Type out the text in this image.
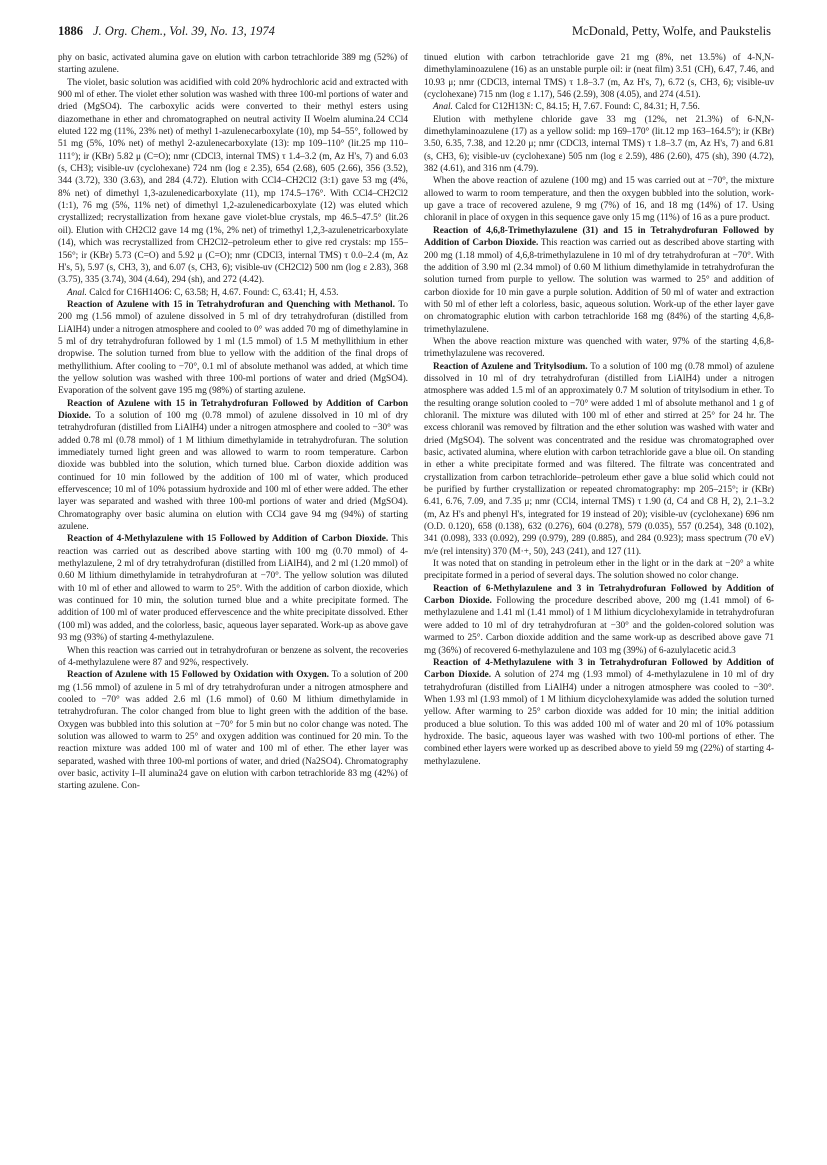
1886 J. Org. Chem., Vol. 39, No. 13, 1974	McDonald, Petty, Wolfe, and Paukstelis

phy on basic, activated alumina gave on elution with carbon tetrachloride 389 mg (52%) of starting azulene.

The violet, basic solution was acidified with cold 20% hydrochloric acid and extracted with 900 ml of ether. The violet ether solution was washed with three 100-ml portions of water and dried (MgSO4). The carboxylic acids were converted to their methyl esters using diazomethane in ether and chromatographed on neutral activity II Woelm alumina.24 CCl4 eluted 122 mg (11%, 23% net) of methyl 1-azulenecarboxylate (10), mp 54–55°, followed by 51 mg (5%, 10% net) of methyl 2-azulenecarboxylate (13): mp 109–110° (lit.25 mp 110–111°); ir (KBr) 5.82 μ (C=O); nmr (CDCl3, internal TMS) τ 1.4–3.2 (m, Az H's, 7) and 6.03 (s, CH3); visible-uv (cyclohexane) 724 nm (log ε 2.35), 654 (2.68), 605 (2.66), 356 (3.52), 344 (3.72), 330 (3.63), and 284 (4.72). Elution with CCl4–CH2Cl2 (3:1) gave 53 mg (4%, 8% net) of dimethyl 1,3-azulenedicarboxylate (11), mp 174.5–176°. With CCl4–CH2Cl2 (1:1), 76 mg (5%, 11% net) of dimethyl 1,2-azulenedicarboxylate (12) was eluted which crystallized; recrystallization from hexane gave violet-blue crystals, mp 46.5–47.5° (lit.26 oil). Elution with CH2Cl2 gave 14 mg (1%, 2% net) of trimethyl 1,2,3-azulenetricarboxylate (14), which was recrystallized from CH2Cl2–petroleum ether to give red crystals: mp 155–156°; ir (KBr) 5.73 (C=O) and 5.92 μ (C=O); nmr (CDCl3, internal TMS) τ 0.0–2.4 (m, Az H's, 5), 5.97 (s, CH3, 3), and 6.07 (s, CH3, 6); visible-uv (CH2Cl2) 500 nm (log ε 2.83), 368 (3.75), 335 (3.74), 304 (4.64), 294 (sh), and 272 (4.42).

Anal. Calcd for C16H14O6: C, 63.58; H, 4.67. Found: C, 63.41; H, 4.53.

Reaction of Azulene with 15 in Tetrahydrofuran and Quenching with Methanol. To 200 mg (1.56 mmol) of azulene dissolved in 5 ml of dry tetrahydrofuran (distilled from LiAlH4) under a nitrogen atmosphere and cooled to 0° was added 70 mg of dimethylamine in 5 ml of dry tetrahydrofuran followed by 1 ml (1.5 mmol) of 1.5 M methyllithium in ether dropwise. The solution turned from blue to yellow with the addition of the final drops of methyllithium. After cooling to −70°, 0.1 ml of absolute methanol was added, at which time the yellow solution was washed with three 100-ml portions of water and dried (MgSO4). Evaporation of the solvent gave 195 mg (98%) of starting azulene.

Reaction of Azulene with 15 in Tetrahydrofuran Followed by Addition of Carbon Dioxide. To a solution of 100 mg (0.78 mmol) of azulene dissolved in 10 ml of dry tetrahydrofuran (distilled from LiAlH4) under a nitrogen atmosphere and cooled to −30° was added 0.78 ml (0.78 mmol) of 1 M lithium dimethylamide in tetrahydrofuran. The solution immediately turned light green and was allowed to warm to room temperature. Carbon dioxide was bubbled into the solution, which turned blue. Carbon dioxide addition was continued for 10 min followed by the addition of 100 ml of water, which produced effervescence; 10 ml of 10% potassium hydroxide and 100 ml of ether were added. The ether layer was separated and washed with three 100-ml portions of water and dried (MgSO4). Chromatography over basic alumina on elution with CCl4 gave 94 mg (94%) of starting azulene.

Reaction of 4-Methylazulene with 15 Followed by Addition of Carbon Dioxide. This reaction was carried out as described above starting with 100 mg (0.70 mmol) of 4-methylazulene, 2 ml of dry tetrahydrofuran (distilled from LiAlH4), and 2 ml (1.20 mmol) of 0.60 M lithium dimethylamide in tetrahydrofuran at −70°. The yellow solution was diluted with 10 ml of ether and allowed to warm to 25°. With the addition of carbon dioxide, which was continued for 10 min, the solution turned blue and a white precipitate formed. The addition of 100 ml of water produced effervescence and the white precipitate dissolved. Ether (100 ml) was added, and the colorless, basic, aqueous layer separated. Work-up as above gave 93 mg (93%) of starting 4-methylazulene.

When this reaction was carried out in tetrahydrofuran or benzene as solvent, the recoveries of 4-methylazulene were 87 and 92%, respectively.

Reaction of Azulene with 15 Followed by Oxidation with Oxygen. To a solution of 200 mg (1.56 mmol) of azulene in 5 ml of dry tetrahydrofuran under a nitrogen atmosphere and cooled to −70° was added 2.6 ml (1.6 mmol) of 0.60 M lithium dimethylamide in tetrahydrofuran. The color changed from blue to light green with the addition of the base. Oxygen was bubbled into this solution at −70° for 5 min but no color change was noted. The solution was allowed to warm to 25° and oxygen addition was continued for 20 min. To the reaction mixture was added 100 ml of water and 100 ml of ether. The ether layer was separated, washed with three 100-ml portions of water, and dried (Na2SO4). Chromatography over basic, activity I–II alumina24 gave on elution with carbon tetrachloride 83 mg (42%) of starting azulene. Con-

tinued elution with carbon tetrachloride gave 21 mg (8%, net 13.5%) of 4-N,N-dimethylaminoazulene (16) as an unstable purple oil: ir (neat film) 3.51 (CH), 6.47, 7.46, and 10.93 μ; nmr (CDCl3, internal TMS) τ 1.8–3.7 (m, Az H's, 7), 6.72 (s, CH3, 6); visible-uv (cyclohexane) 715 nm (log ε 1.17), 546 (2.59), 308 (4.05), and 274 (4.51).

Anal. Calcd for C12H13N: C, 84.15; H, 7.67. Found: C, 84.31; H, 7.56.

Elution with methylene chloride gave 33 mg (12%, net 21.3%) of 6-N,N-dimethylaminoazulene (17) as a yellow solid: mp 169–170° (lit.12 mp 163–164.5°); ir (KBr) 3.50, 6.35, 7.38, and 12.20 μ; nmr (CDCl3, internal TMS) τ 1.8–3.7 (m, Az H's, 7) and 6.81 (s, CH3, 6); visible-uv (cyclohexane) 505 nm (log ε 2.59), 486 (2.60), 475 (sh), 390 (4.72), 382 (4.61), and 316 nm (4.79).

When the above reaction of azulene (100 mg) and 15 was carried out at −70°, the mixture allowed to warm to room temperature, and then the oxygen bubbled into the solution, work-up gave a trace of recovered azulene, 9 mg (7%) of 16, and 18 mg (14%) of 17. Using chloranil in place of oxygen in this sequence gave only 15 mg (11%) of 16 as a pure product.

Reaction of 4,6,8-Trimethylazulene (31) and 15 in Tetrahydrofuran Followed by Addition of Carbon Dioxide. This reaction was carried out as described above starting with 200 mg (1.18 mmol) of 4,6,8-trimethylazulene in 10 ml of dry tetrahydrofuran at −70°. With the addition of 3.90 ml (2.34 mmol) of 0.60 M lithium dimethylamide in tetrahydrofuran the solution turned from purple to yellow. The solution was warmed to 25° and addition of carbon dioxide for 10 min gave a purple solution. Addition of 50 ml of water and extraction with 50 ml of ether left a colorless, basic, aqueous solution. Work-up of the ether layer gave on chromatographic elution with carbon tetrachloride 168 mg (84%) of the starting 4,6,8-trimethylazulene.

When the above reaction mixture was quenched with water, 97% of the starting 4,6,8-trimethylazulene was recovered.

Reaction of Azulene and Tritylsodium. To a solution of 100 mg (0.78 mmol) of azulene dissolved in 10 ml of dry tetrahydrofuran (distilled from LiAlH4) under a nitrogen atmosphere was added 1.5 ml of an approximately 0.7 M solution of tritylsodium in ether. To the resulting orange solution cooled to −70° were added 1 ml of absolute methanol and 1 g of chloranil. The mixture was diluted with 100 ml of ether and stirred at 25° for 24 hr. The excess chloranil was removed by filtration and the ether solution was washed with water and dried (MgSO4). The solvent was concentrated and the residue was chromatographed over basic, activated alumina, where elution with carbon tetrachloride gave a blue oil. On standing in ether a white precipitate formed and was filtered. The filtrate was concentrated and crystallization from carbon tetrachloride–petroleum ether gave a blue solid which could not be purified by further crystallization or repeated chromatography: mp 205–215°; ir (KBr) 6.41, 6.76, 7.09, and 7.35 μ; nmr (CCl4, internal TMS) τ 1.90 (d, C4 and C8 H, 2), 2.1–3.2 (m, Az H's and phenyl H's, integrated for 19 instead of 20); visible-uv (cyclohexane) 696 nm (O.D. 0.120), 658 (0.138), 632 (0.276), 604 (0.278), 579 (0.035), 557 (0.254), 348 (0.102), 341 (0.098), 333 (0.092), 299 (0.979), 289 (0.885), and 284 (0.923); mass spectrum (70 eV) m/e (rel intensity) 370 (M·+, 50), 243 (241), and 127 (11).

It was noted that on standing in petroleum ether in the light or in the dark at −20° a white precipitate formed in a period of several days. The solution showed no color change.

Reaction of 6-Methylazulene and 3 in Tetrahydrofuran Followed by Addition of Carbon Dioxide. Following the procedure described above, 200 mg (1.41 mmol) of 6-methylazulene and 1.41 ml (1.41 mmol) of 1 M lithium dicyclohexylamide in tetrahydrofuran were added to 10 ml of dry tetrahydrofuran at −30° and the golden-colored solution was warmed to 25°. Carbon dioxide addition and the same work-up as described above gave 71 mg (36%) of recovered 6-methylazulene and 103 mg (39%) of 6-azulylacetic acid.3

Reaction of 4-Methylazulene with 3 in Tetrahydrofuran Followed by Addition of Carbon Dioxide. A solution of 274 mg (1.93 mmol) of 4-methylazulene in 10 ml of dry tetrahydrofuran (distilled from LiAlH4) under a nitrogen atmosphere was cooled to −30°. When 1.93 ml (1.93 mmol) of 1 M lithium dicyclohexylamide was added the solution turned yellow. After warming to 25° carbon dioxide was added for 10 min; the initial addition produced a blue solution. To this was added 100 ml of water and 20 ml of 10% potassium hydroxide. The basic, aqueous layer was washed with two 100-ml portions of ether. The combined ether layers were worked up as described above to yield 59 mg (22%) of starting 4-methylazulene.
